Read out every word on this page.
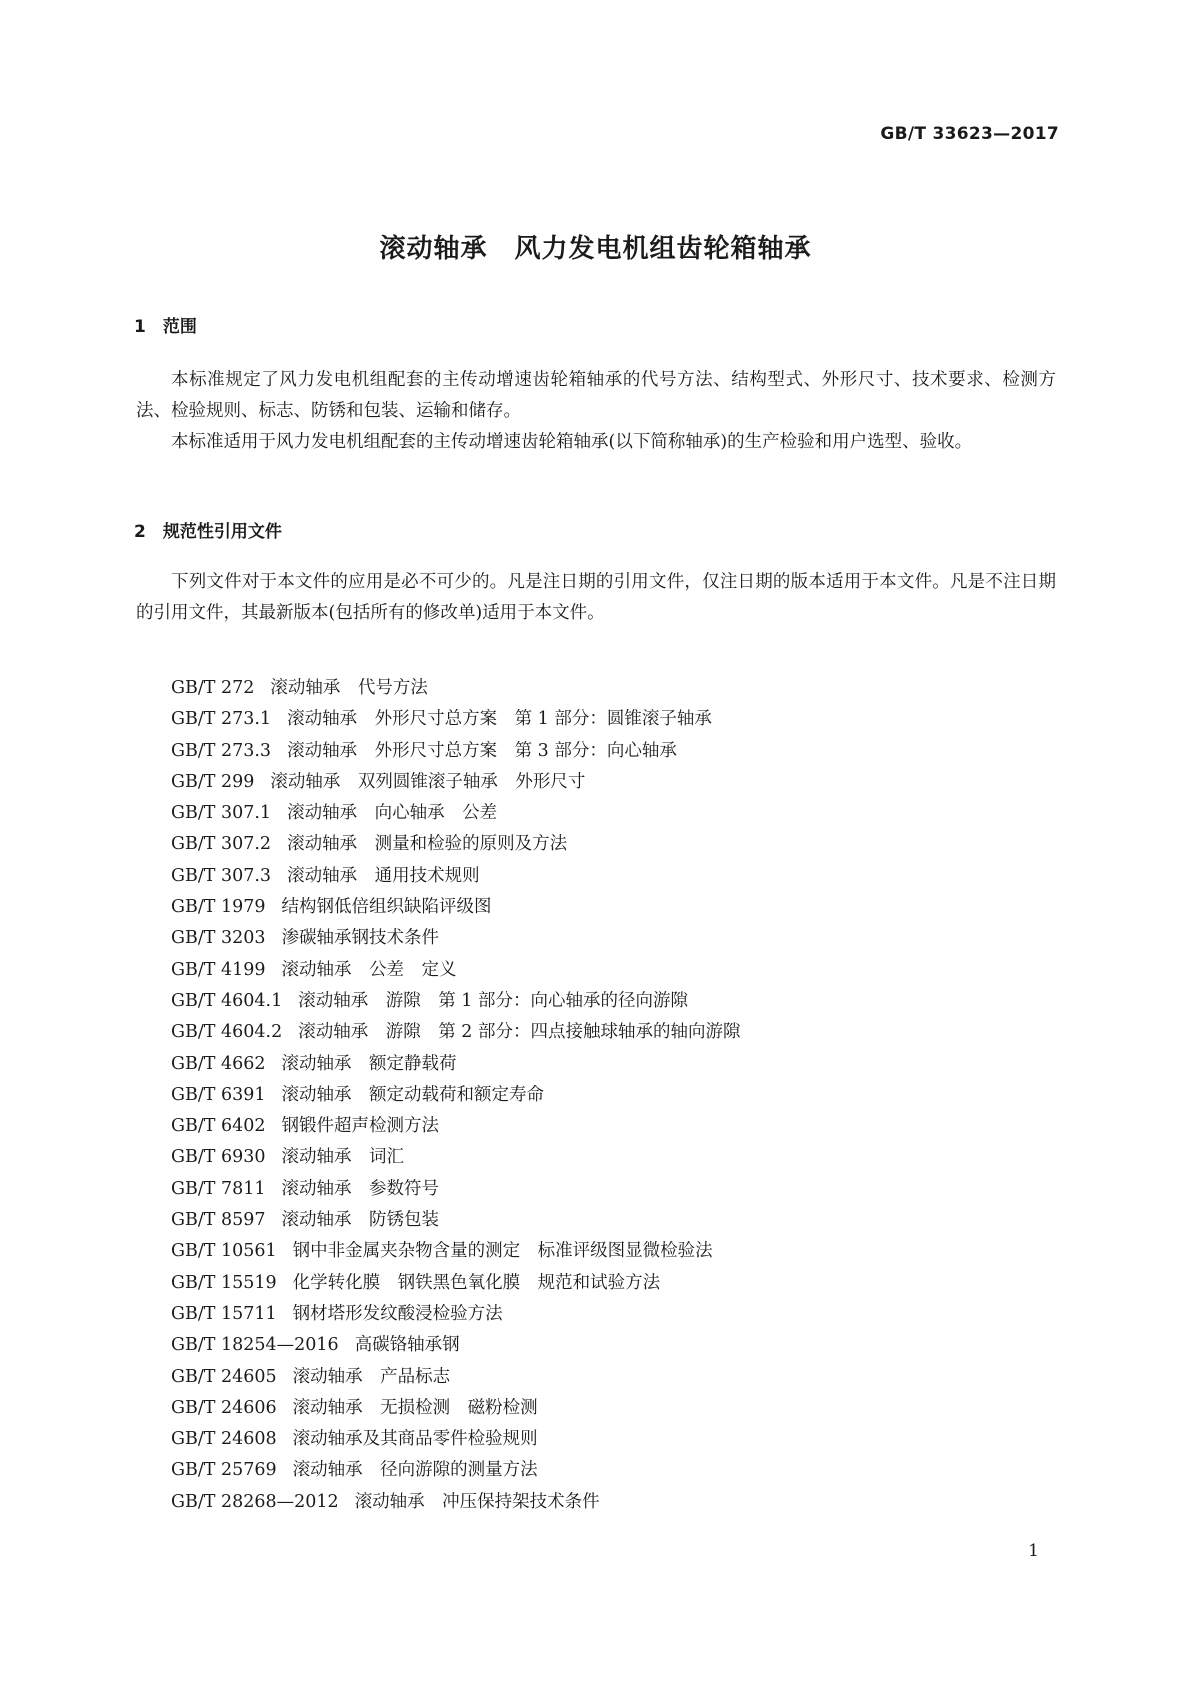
GB/T 33623—2017
滚动轴承　风力发电机组齿轮箱轴承
1　范围

本标准规定了风力发电机组配套的主传动增速齿轮箱轴承的代号方法、结构型式、外形尺寸、技术要求、检测方法、检验规则、标志、防锈和包装、运输和储存。

本标准适用于风力发电机组配套的主传动增速齿轮箱轴承(以下简称轴承)的生产检验和用户选型、验收。

2　规范性引用文件

下列文件对于本文件的应用是必不可少的。凡是注日期的引用文件，仅注日期的版本适用于本文件。凡是不注日期的引用文件，其最新版本(包括所有的修改单)适用于本文件。

GB/T 272 滚动轴承　代号方法
GB/T 273.1 滚动轴承　外形尺寸总方案　第 1 部分：圆锥滚子轴承
GB/T 273.3 滚动轴承　外形尺寸总方案　第 3 部分：向心轴承
GB/T 299 滚动轴承　双列圆锥滚子轴承　外形尺寸
GB/T 307.1 滚动轴承　向心轴承　公差
GB/T 307.2 滚动轴承　测量和检验的原则及方法
GB/T 307.3 滚动轴承　通用技术规则
GB/T 1979 结构钢低倍组织缺陷评级图
GB/T 3203 渗碳轴承钢技术条件
GB/T 4199 滚动轴承　公差　定义
GB/T 4604.1 滚动轴承　游隙　第 1 部分：向心轴承的径向游隙
GB/T 4604.2 滚动轴承　游隙　第 2 部分：四点接触球轴承的轴向游隙
GB/T 4662 滚动轴承　额定静载荷
GB/T 6391 滚动轴承　额定动载荷和额定寿命
GB/T 6402 钢锻件超声检测方法
GB/T 6930 滚动轴承　词汇
GB/T 7811 滚动轴承　参数符号
GB/T 8597 滚动轴承　防锈包装
GB/T 10561 钢中非金属夹杂物含量的测定　标准评级图显微检验法
GB/T 15519 化学转化膜　钢铁黑色氧化膜　规范和试验方法
GB/T 15711 钢材塔形发纹酸浸检验方法
GB/T 18254—2016 高碳铬轴承钢
GB/T 24605 滚动轴承　产品标志
GB/T 24606 滚动轴承　无损检测　磁粉检测
GB/T 24608 滚动轴承及其商品零件检验规则
GB/T 25769 滚动轴承　径向游隙的测量方法
GB/T 28268—2012 滚动轴承　冲压保持架技术条件
1
